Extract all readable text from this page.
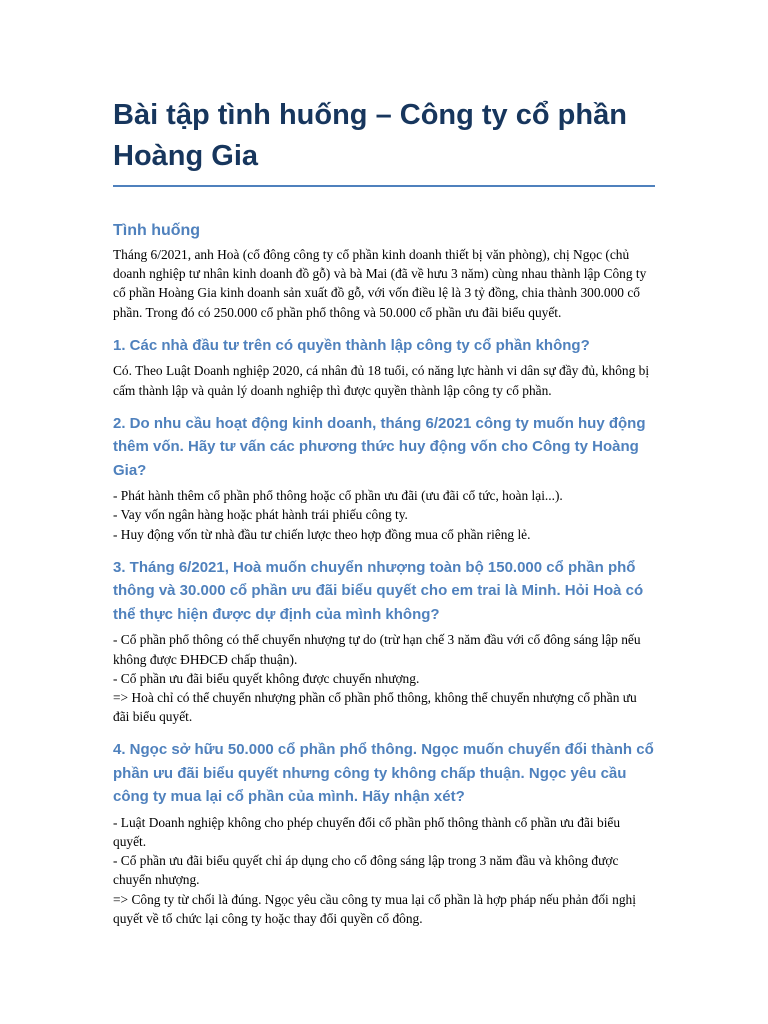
Bài tập tình huống – Công ty cổ phần Hoàng Gia
Tình huống

Tháng 6/2021, anh Hoà (cổ đông công ty cổ phần kinh doanh thiết bị văn phòng), chị Ngọc (chủ doanh nghiệp tư nhân kinh doanh đồ gỗ) và bà Mai (đã về hưu 3 năm) cùng nhau thành lập Công ty cổ phần Hoàng Gia kinh doanh sản xuất đồ gỗ, với vốn điều lệ là 3 tỷ đồng, chia thành 300.000 cổ phần. Trong đó có 250.000 cổ phần phổ thông và 50.000 cổ phần ưu đãi biểu quyết.

1. Các nhà đầu tư trên có quyền thành lập công ty cổ phần không?

Có. Theo Luật Doanh nghiệp 2020, cá nhân đủ 18 tuổi, có năng lực hành vi dân sự đầy đủ, không bị cấm thành lập và quản lý doanh nghiệp thì được quyền thành lập công ty cổ phần.

2. Do nhu cầu hoạt động kinh doanh, tháng 6/2021 công ty muốn huy động thêm vốn. Hãy tư vấn các phương thức huy động vốn cho Công ty Hoàng Gia?

- Phát hành thêm cổ phần phổ thông hoặc cổ phần ưu đãi (ưu đãi cổ tức, hoàn lại...).

- Vay vốn ngân hàng hoặc phát hành trái phiếu công ty.

- Huy động vốn từ nhà đầu tư chiến lược theo hợp đồng mua cổ phần riêng lẻ.

3. Tháng 6/2021, Hoà muốn chuyển nhượng toàn bộ 150.000 cổ phần phổ thông và 30.000 cổ phần ưu đãi biểu quyết cho em trai là Minh. Hỏi Hoà có thể thực hiện được dự định của mình không?

- Cổ phần phổ thông có thể chuyển nhượng tự do (trừ hạn chế 3 năm đầu với cổ đông sáng lập nếu không được ĐHĐCĐ chấp thuận).

- Cổ phần ưu đãi biểu quyết không được chuyển nhượng.

=> Hoà chỉ có thể chuyển nhượng phần cổ phần phổ thông, không thể chuyển nhượng cổ phần ưu đãi biểu quyết.

4. Ngọc sở hữu 50.000 cổ phần phổ thông. Ngọc muốn chuyển đổi thành cổ phần ưu đãi biểu quyết nhưng công ty không chấp thuận. Ngọc yêu cầu công ty mua lại cổ phần của mình. Hãy nhận xét?

- Luật Doanh nghiệp không cho phép chuyển đổi cổ phần phổ thông thành cổ phần ưu đãi biểu quyết.

- Cổ phần ưu đãi biểu quyết chỉ áp dụng cho cổ đông sáng lập trong 3 năm đầu và không được chuyển nhượng.

=> Công ty từ chối là đúng. Ngọc yêu cầu công ty mua lại cổ phần là hợp pháp nếu phản đối nghị quyết về tổ chức lại công ty hoặc thay đổi quyền cổ đông.
